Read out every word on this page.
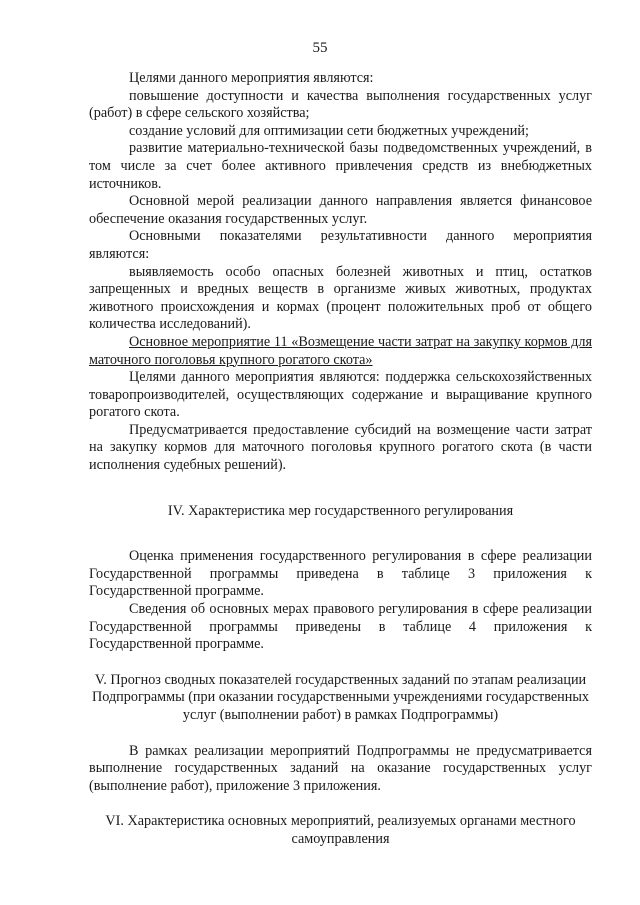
55

Целями данного мероприятия являются:

повышение доступности и качества выполнения государственных услуг (работ) в сфере сельского хозяйства;

создание условий для оптимизации сети бюджетных учреждений;

развитие материально-технической базы подведомственных учреждений, в том числе за счет более активного привлечения средств из внебюджетных источников.

Основной мерой реализации данного направления является финансовое обеспечение оказания государственных услуг.

Основными показателями результативности данного мероприятия являются:

выявляемость особо опасных болезней животных и птиц, остатков запрещенных и вредных веществ в организме живых животных, продуктах животного происхождения и кормах (процент положительных проб от общего количества исследований).

Основное мероприятие 11 «Возмещение части затрат на закупку кормов для маточного поголовья крупного рогатого скота»

Целями данного мероприятия являются: поддержка сельскохозяйственных товаропроизводителей, осуществляющих содержание и выращивание крупного рогатого скота.

Предусматривается предоставление субсидий на возмещение части затрат на закупку кормов для маточного поголовья крупного рогатого скота (в части исполнения судебных решений).

IV. Характеристика мер государственного регулирования

Оценка применения государственного регулирования в сфере реализации Государственной программы приведена в таблице 3 приложения к Государственной программе.

Сведения об основных мерах правового регулирования в сфере реализации Государственной программы приведены в таблице 4 приложения к Государственной программе.

V. Прогноз сводных показателей государственных заданий по этапам реализации Подпрограммы (при оказании государственными учреждениями государственных услуг (выполнении работ) в рамках Подпрограммы)

В рамках реализации мероприятий Подпрограммы не предусматривается выполнение государственных заданий на оказание государственных услуг (выполнение работ), приложение 3 приложения.

VI. Характеристика основных мероприятий, реализуемых органами местного самоуправления
